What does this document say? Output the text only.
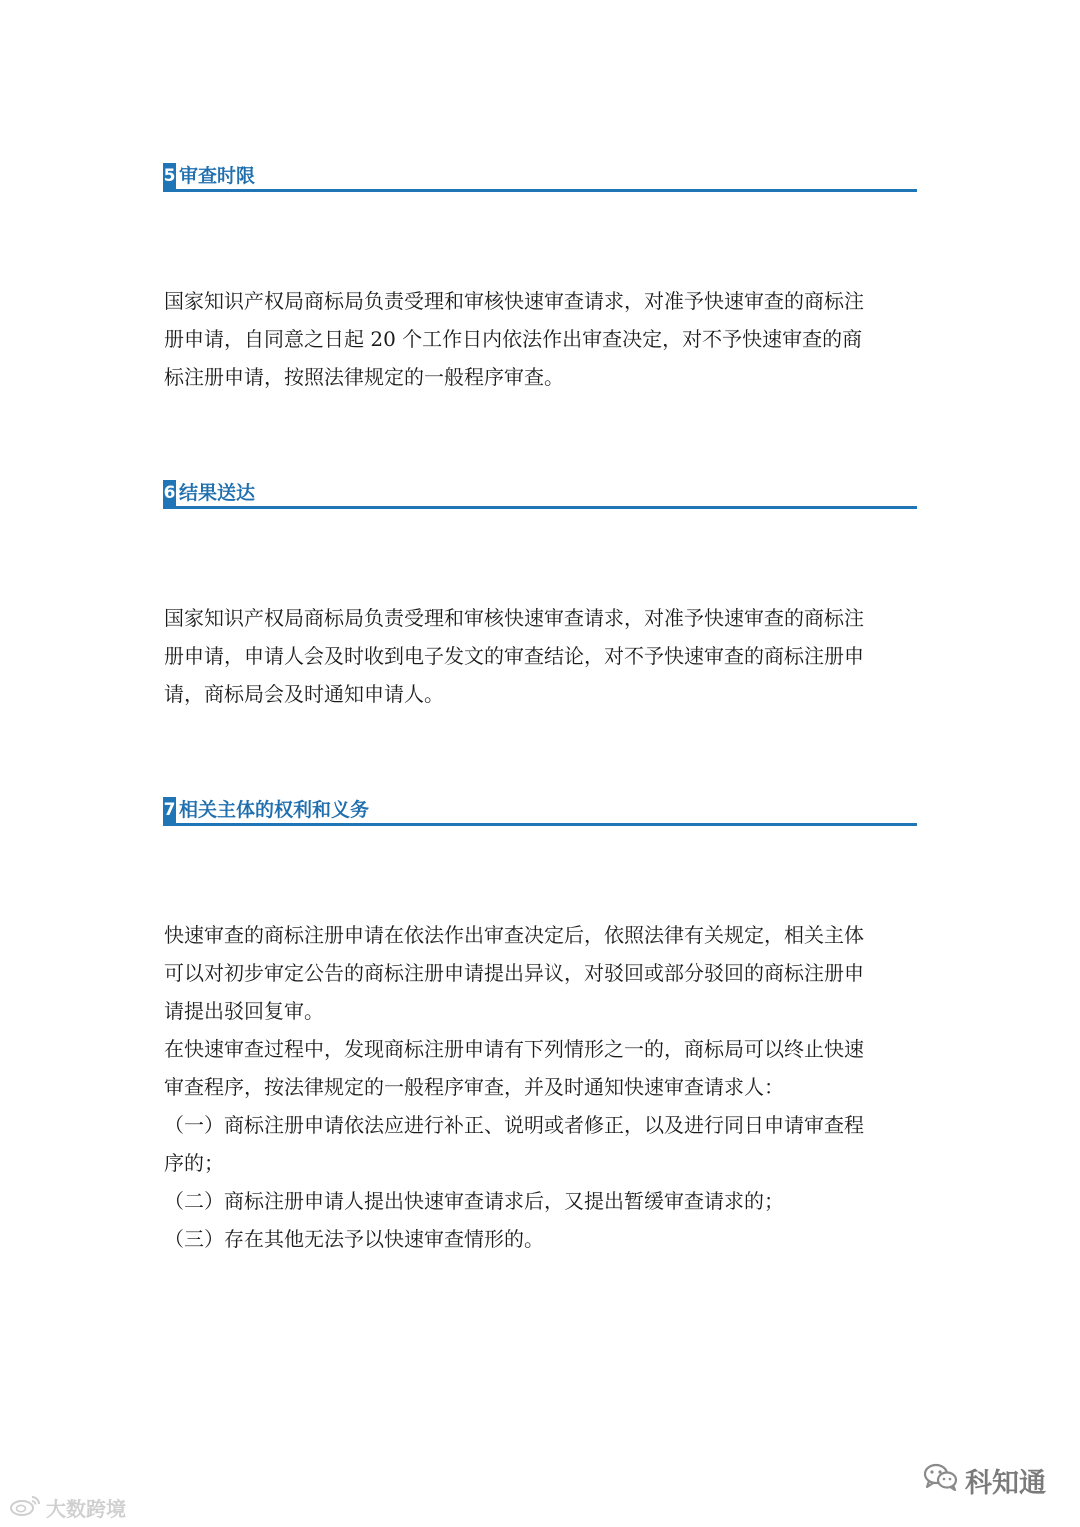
5 审查时限
国家知识产权局商标局负责受理和审核快速审查请求，对准予快速审查的商标注
册申请，自同意之日起 20 个工作日内依法作出审查决定，对不予快速审查的商
标注册申请，按照法律规定的一般程序审查。
6 结果送达
国家知识产权局商标局负责受理和审核快速审查请求，对准予快速审查的商标注
册申请，申请人会及时收到电子发文的审查结论，对不予快速审查的商标注册申
请，商标局会及时通知申请人。
7 相关主体的权利和义务
快速审查的商标注册申请在依法作出审查决定后，依照法律有关规定，相关主体
可以对初步审定公告的商标注册申请提出异议，对驳回或部分驳回的商标注册申
请提出驳回复审。
在快速审查过程中，发现商标注册申请有下列情形之一的，商标局可以终止快速
审查程序，按法律规定的一般程序审查，并及时通知快速审查请求人：
（一）商标注册申请依法应进行补正、说明或者修正，以及进行同日申请审查程
序的；
（二）商标注册申请人提出快速审查请求后，又提出暂缓审查请求的；
（三）存在其他无法予以快速审查情形的。
科知通
大数跨境
